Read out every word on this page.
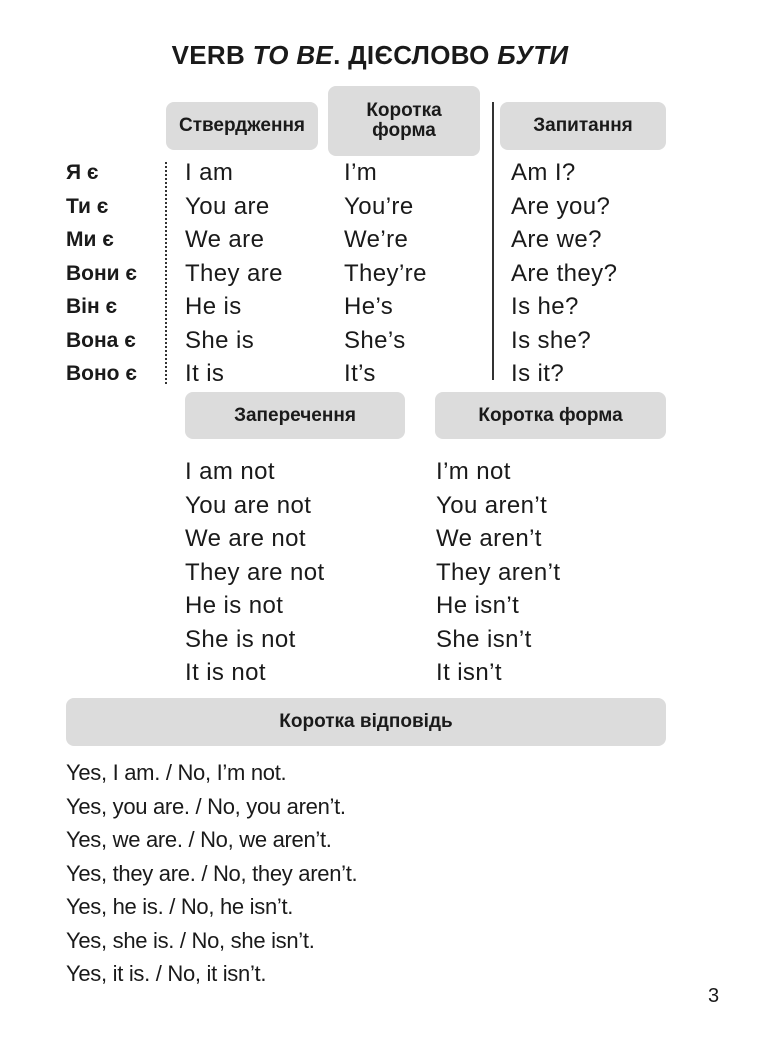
VERB TO BE. ДІЄСЛОВО БУТИ
Ствердження
Коротка форма	Запитання
Я є
Ти є
Ми є
Вони є
Він є
Вона є
Воно є
I am
You are
We are
They are
He is
She is
It is
I’m
You’re
We’re
They’re
He’s
She’s
It’s
Am I?
Are you?
Are we?
Are they?
Is he?
Is she?
Is it?
Заперечення	Коротка форма
I am not
You are not
We are not
They are not
He is not
She is not
It is not
I’m not
You aren’t
We aren’t
They aren’t
He isn’t
She isn’t
It isn’t
Коротка відповідь
Yes, I am. / No, I’m not.
Yes, you are. / No, you aren’t.
Yes, we are. / No, we aren’t.
Yes, they are. / No, they aren’t.
Yes, he is. / No, he isn’t.
Yes, she is. / No, she isn’t.
Yes, it is. / No, it isn’t.
3
